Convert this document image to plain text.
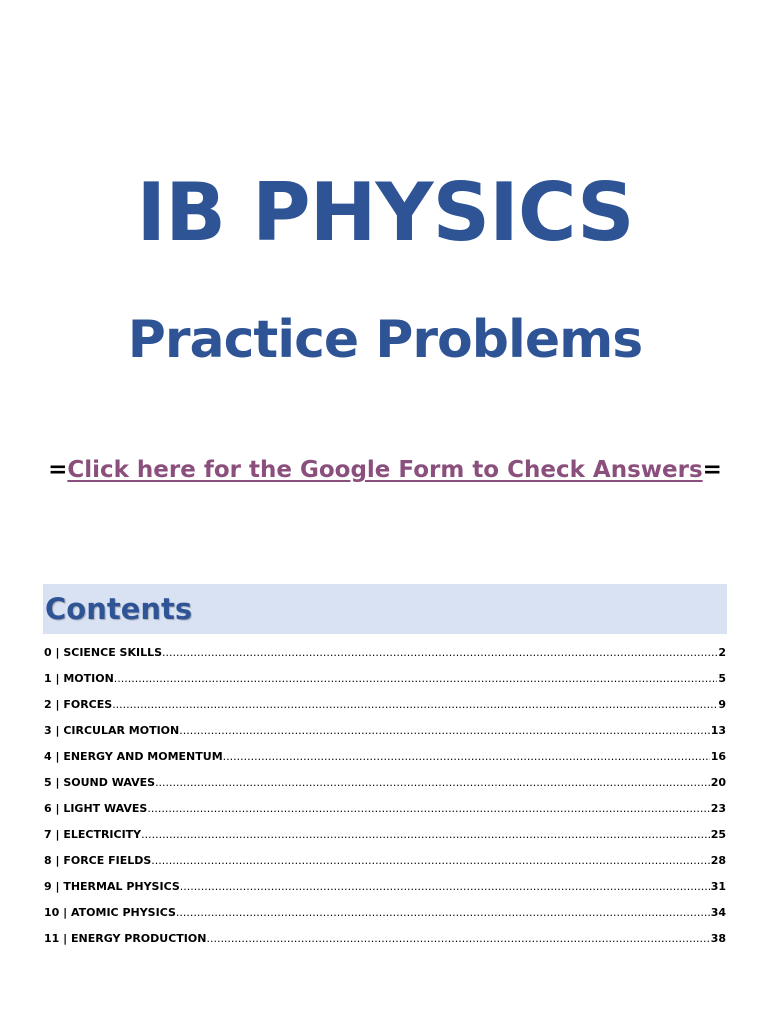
IB PHYSICS
Practice Problems
=Click here for the Google Form to Check Answers=
Contents
0 | SCIENCE SKILLS .....	2
1 | MOTION .....	5
2 | FORCES .....	9
3 | CIRCULAR MOTION .....	13
4 | ENERGY AND MOMENTUM .....	16
5 | SOUND WAVES .....	20
6 | LIGHT WAVES .....	23
7 | ELECTRICITY .....	25
8 | FORCE FIELDS .....	28
9 | THERMAL PHYSICS .....	31
10 | ATOMIC PHYSICS .....	34
11 | ENERGY PRODUCTION .....	38
